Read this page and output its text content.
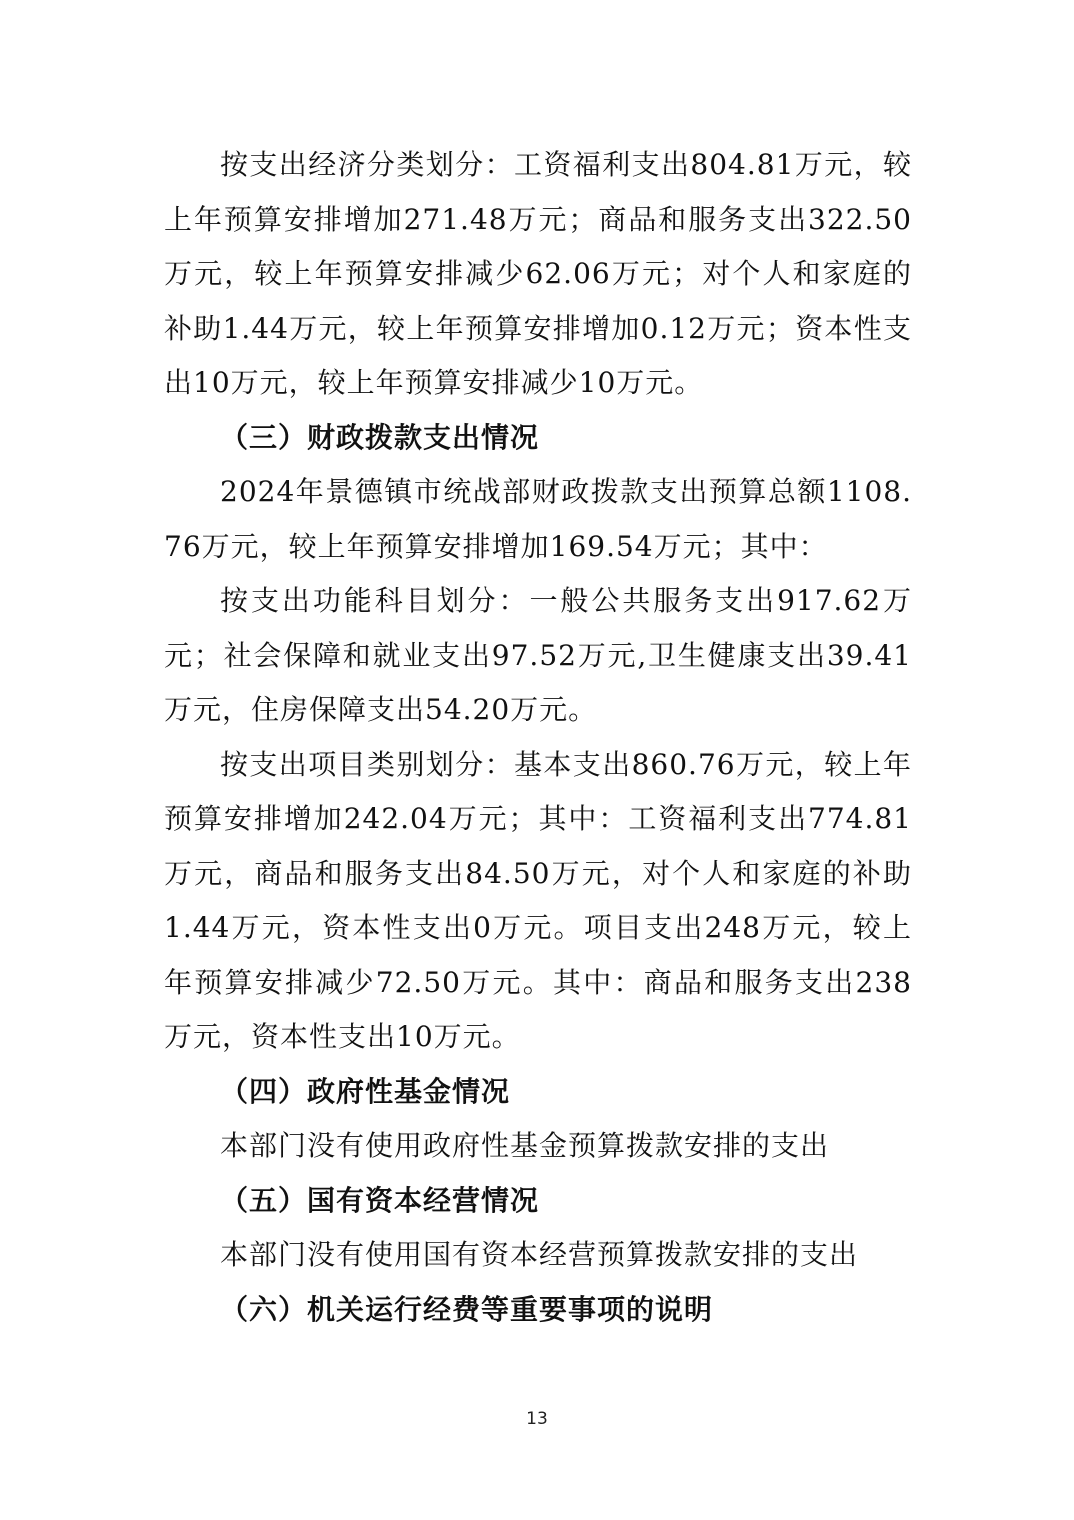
按支出经济分类划分：工资福利支出804.81万元，较上年预算安排增加271.48万元；商品和服务支出322.50万元，较上年预算安排减少62.06万元；对个人和家庭的补助1.44万元，较上年预算安排增加0.12万元；资本性支出10万元，较上年预算安排减少10万元。

（三）财政拨款支出情况

2024年景德镇市统战部财政拨款支出预算总额1108.76万元，较上年预算安排增加169.54万元；其中：

按支出功能科目划分：一般公共服务支出917.62万元；社会保障和就业支出97.52万元,卫生健康支出39.41万元，住房保障支出54.20万元。

按支出项目类别划分：基本支出860.76万元，较上年预算安排增加242.04万元；其中：工资福利支出774.81万元，商品和服务支出84.50万元，对个人和家庭的补助1.44万元，资本性支出0万元。项目支出248万元，较上年预算安排减少72.50万元。其中：商品和服务支出238万元，资本性支出10万元。

（四）政府性基金情况

本部门没有使用政府性基金预算拨款安排的支出

（五）国有资本经营情况

本部门没有使用国有资本经营预算拨款安排的支出

（六）机关运行经费等重要事项的说明

13
